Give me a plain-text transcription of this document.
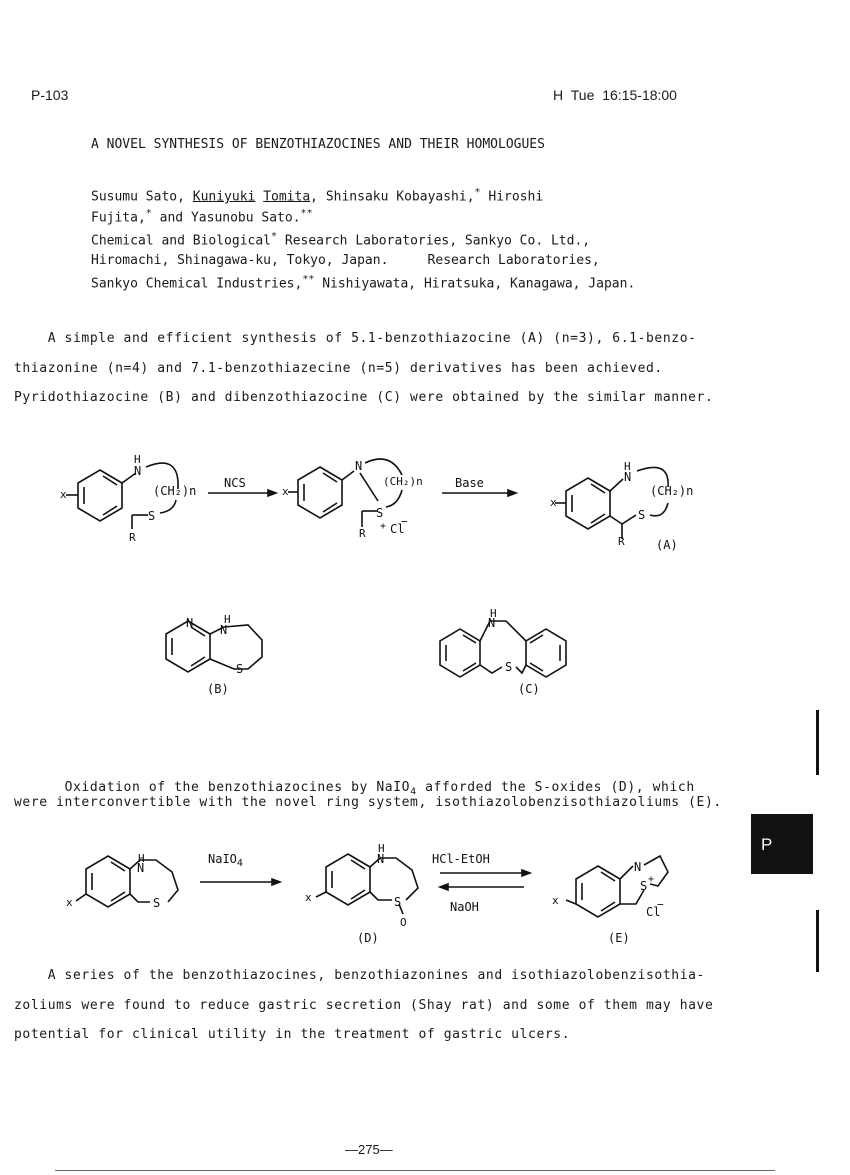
P-103	H Tue 16:15-18:00
A NOVEL SYNTHESIS OF BENZOTHIAZOCINES AND THEIR HOMOLOGUES
Susumu Sato, Kuniyuki Tomita, Shinsaku Kobayashi,* Hiroshi
Fujita,* and Yasunobu Sato.**
Chemical and Biological* Research Laboratories, Sankyo Co. Ltd.,
Hiromachi, Shinagawa-ku, Tokyo, Japan.     Research Laboratories,
Sankyo Chemical Industries,** Nishiyawata, Hiratsuka, Kanagawa, Japan.
A simple and efficient synthesis of 5.1-benzothiazocine (A) (n=3), 6.1-benzo-
thiazonine (n=4) and 7.1-benzothiazecine (n=5) derivatives has been achieved.
Pyridothiazocine (B) and dibenzothiazocine (C) were obtained by the similar manner.
H
N
(CH₂)n
S
x
R
NCS
N
(CH₂)n
S
+ Cl
−
x
R
Base
H
N
(CH₂)n
S
x
R	(A)
N	H
N
S
(B)
H
N
S
(C)

Oxidation of the benzothiazocines by NaIO$_4$ afforded the S-oxides (D), which

were interconvertible with the novel ring system, isothiazolobenzisothiazoliums (E).
H
N
S
x
NaIO$_4$
H
N
S
O
x
(D)
HCl-EtOH
NaOH
N
S +
Cl
−
x
(E)
A series of the benzothiazocines, benzothiazonines and isothiazolobenzisothia-
zoliums were found to reduce gastric secretion (Shay rat) and some of them may have
potential for clinical utility in the treatment of gastric ulcers.
P
―275―
